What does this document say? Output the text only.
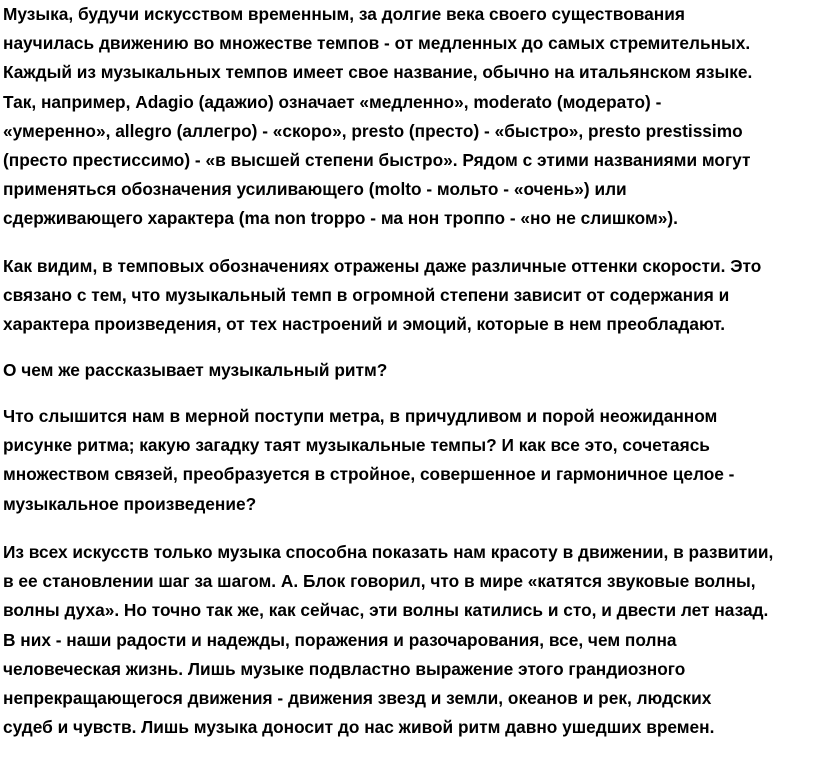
Музыка, будучи искусством временным, за долгие века своего существования
научилась движению во множестве темпов - от медленных до самых стремительных.
Каждый из музыкальных темпов имеет свое название, обычно на итальянском языке.
Так, например, Adagio (адажио) означает «медленно», moderato (модерато) -
«умеренно», allegro (аллегро) - «скоро», presto (престо) - «быстро», presto prestissimo
(престо престиссимо) - «в высшей степени быстро». Рядом с этими названиями могут
применяться обозначения усиливающего (molto - мольто - «очень») или
сдерживающего характера (ma non troppo - ма нон троппо - «но не слишком»).

Как видим, в темповых обозначениях отражены даже различные оттенки скорости. Это
связано с тем, что музыкальный темп в огромной степени зависит от содержания и
характера произведения, от тех настроений и эмоций, которые в нем преобладают.

О чем же рассказывает музыкальный ритм?

Что слышится нам в мерной поступи метра, в причудливом и порой неожиданном
рисунке ритма; какую загадку таят музыкальные темпы? И как все это, сочетаясь
множеством связей, преобразуется в стройное, совершенное и гармоничное целое -
музыкальное произведение?

Из всех искусств только музыка способна показать нам красоту в движении, в развитии,
в ее становлении шаг за шагом. А. Блок говорил, что в мире «катятся звуковые волны,
волны духа». Но точно так же, как сейчас, эти волны катились и сто, и двести лет назад.
В них - наши радости и надежды, поражения и разочарования, все, чем полна
человеческая жизнь. Лишь музыке подвластно выражение этого грандиозного
непрекращающегося движения - движения звезд и земли, океанов и рек, людских
судеб и чувств. Лишь музыка доносит до нас живой ритм давно ушедших времен.
